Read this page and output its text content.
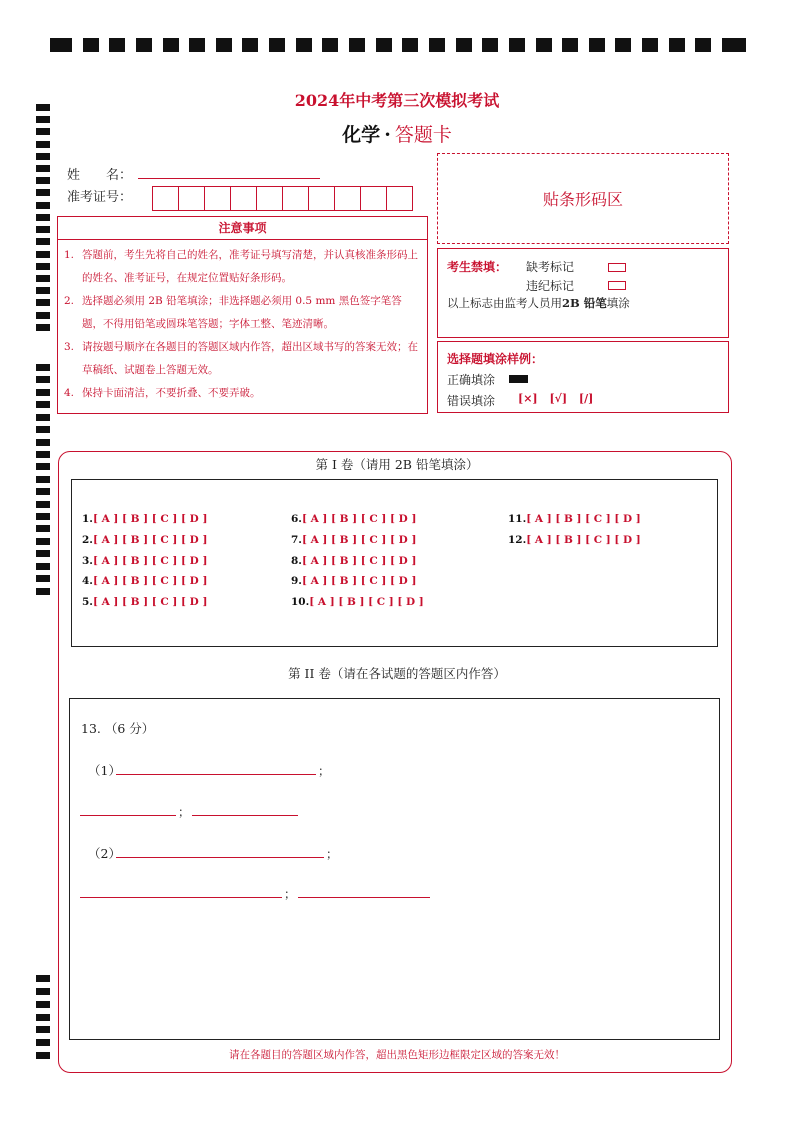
2024年中考第三次模拟考试
化学 · 答题卡
姓　　名：
准考证号：
注意事项
1. 答题前，考生先将自己的姓名，准考证号填写清楚，并认真核准条形码上的姓名、准考证号，在规定位置贴好条形码。
2. 选择题必须用 2B 铅笔填涂；非选择题必须用 0.5 mm 黑色签字笔答题，不得用铅笔或圆珠笔答题；字体工整、笔迹清晰。
3. 请按题号顺序在各题目的答题区域内作答，超出区域书写的答案无效；在草稿纸、试题卷上答题无效。
4. 保持卡面清洁，不要折叠、不要弄破。
贴条形码区
考生禁填： 缺考标记
违纪标记
以上标志由监考人员用2B 铅笔填涂
选择题填涂样例：
正确填涂
错误填涂 [×] [√] [/]
第 I 卷（请用 2B 铅笔填涂）
1.[ A ] [ B ] [ C ] [ D ]
2.[ A ] [ B ] [ C ] [ D ]
3.[ A ] [ B ] [ C ] [ D ]
4.[ A ] [ B ] [ C ] [ D ]
5.[ A ] [ B ] [ C ] [ D ]
6.[ A ] [ B ] [ C ] [ D ]
7.[ A ] [ B ] [ C ] [ D ]
8.[ A ] [ B ] [ C ] [ D ]
9.[ A ] [ B ] [ C ] [ D ]
10.[ A ] [ B ] [ C ] [ D ]
11.[ A ] [ B ] [ C ] [ D ]
12.[ A ] [ B ] [ C ] [ D ]
第 II 卷（请在各试题的答题区内作答）
13. （6 分）
（1）	；
；
（2）	；
；
请在各题目的答题区域内作答，超出黑色矩形边框限定区域的答案无效！
